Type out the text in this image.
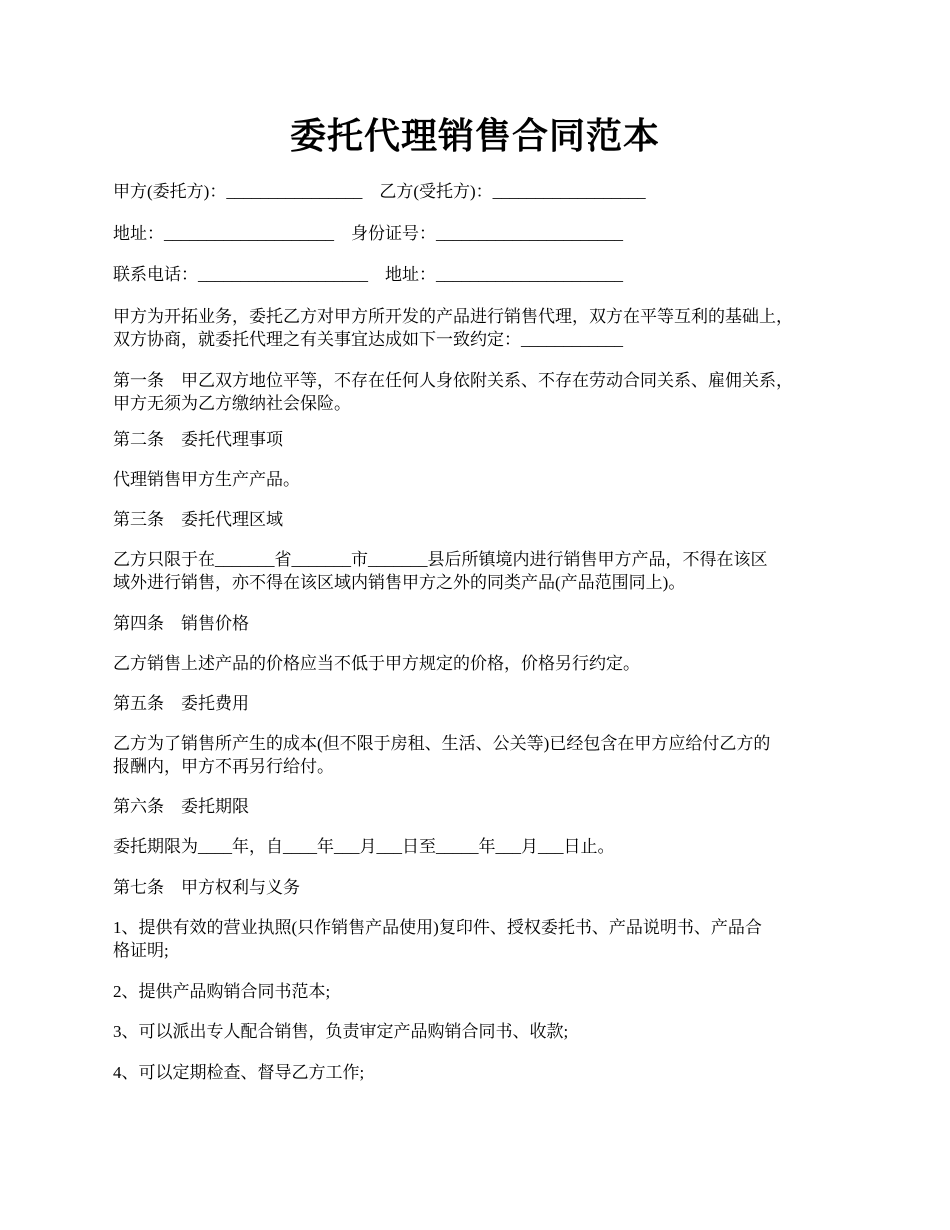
委托代理销售合同范本
甲方(委托方)：________________    乙方(受托方)：__________________
地址：____________________    身份证号：______________________
联系电话：____________________    地址：______________________
甲方为开拓业务，委托乙方对甲方所开发的产品进行销售代理，双方在平等互利的基础上，
双方协商，就委托代理之有关事宜达成如下一致约定：____________
第一条　甲乙双方地位平等，不存在任何人身依附关系、不存在劳动合同关系、雇佣关系，
甲方无须为乙方缴纳社会保险。
第二条　委托代理事项
代理销售甲方生产产品。
第三条　委托代理区域
乙方只限于在_______省_______市_______县后所镇境内进行销售甲方产品，不得在该区
域外进行销售，亦不得在该区域内销售甲方之外的同类产品(产品范围同上)。
第四条　销售价格
乙方销售上述产品的价格应当不低于甲方规定的价格，价格另行约定。
第五条　委托费用
乙方为了销售所产生的成本(但不限于房租、生活、公关等)已经包含在甲方应给付乙方的
报酬内，甲方不再另行给付。
第六条　委托期限
委托期限为____年，自____年___月___日至_____年___月___日止。
第七条　甲方权利与义务
1、提供有效的营业执照(只作销售产品使用)复印件、授权委托书、产品说明书、产品合
格证明;
2、提供产品购销合同书范本;
3、可以派出专人配合销售，负责审定产品购销合同书、收款;
4、可以定期检查、督导乙方工作;
